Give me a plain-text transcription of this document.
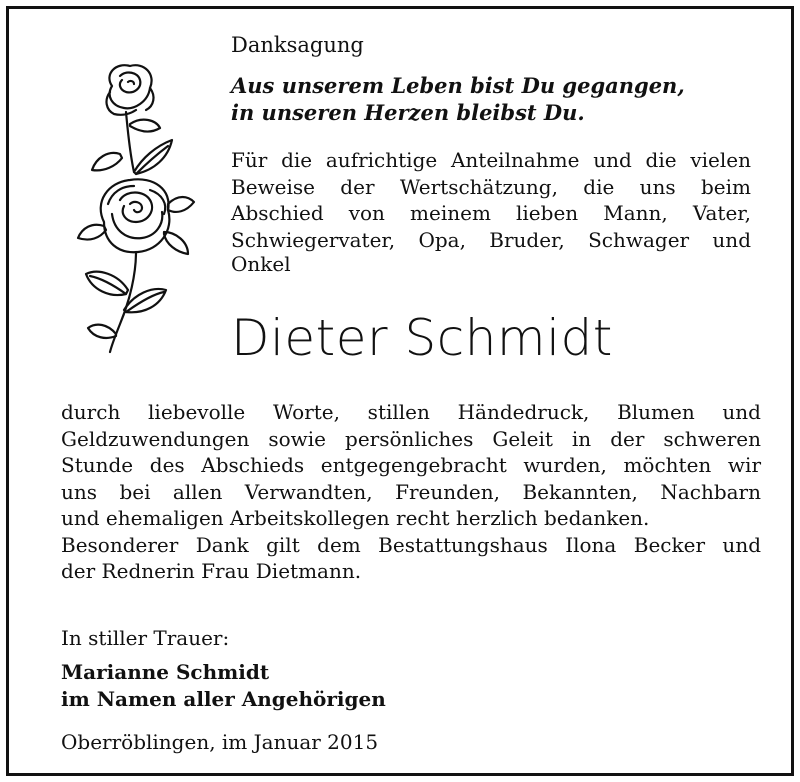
Danksagung
Aus unserem Leben bist Du gegangen,
in unseren Herzen bleibst Du.
Für die aufrichtige Anteilnahme und die vielen
Beweise der Wertschätzung, die uns beim
Abschied von meinem lieben Mann, Vater,
Schwiegervater, Opa, Bruder, Schwager und
Onkel
Dieter Schmidt
durch liebevolle Worte, stillen Händedruck, Blumen und
Geldzuwendungen sowie persönliches Geleit in der schweren
Stunde des Abschieds entgegengebracht wurden, möchten wir
uns bei allen Verwandten, Freunden, Bekannten, Nachbarn
und ehemaligen Arbeitskollegen recht herzlich bedanken.
Besonderer Dank gilt dem Bestattungshaus Ilona Becker und
der Rednerin Frau Dietmann.
In stiller Trauer:
Marianne Schmidt
im Namen aller Angehörigen
Oberröblingen, im Januar 2015
